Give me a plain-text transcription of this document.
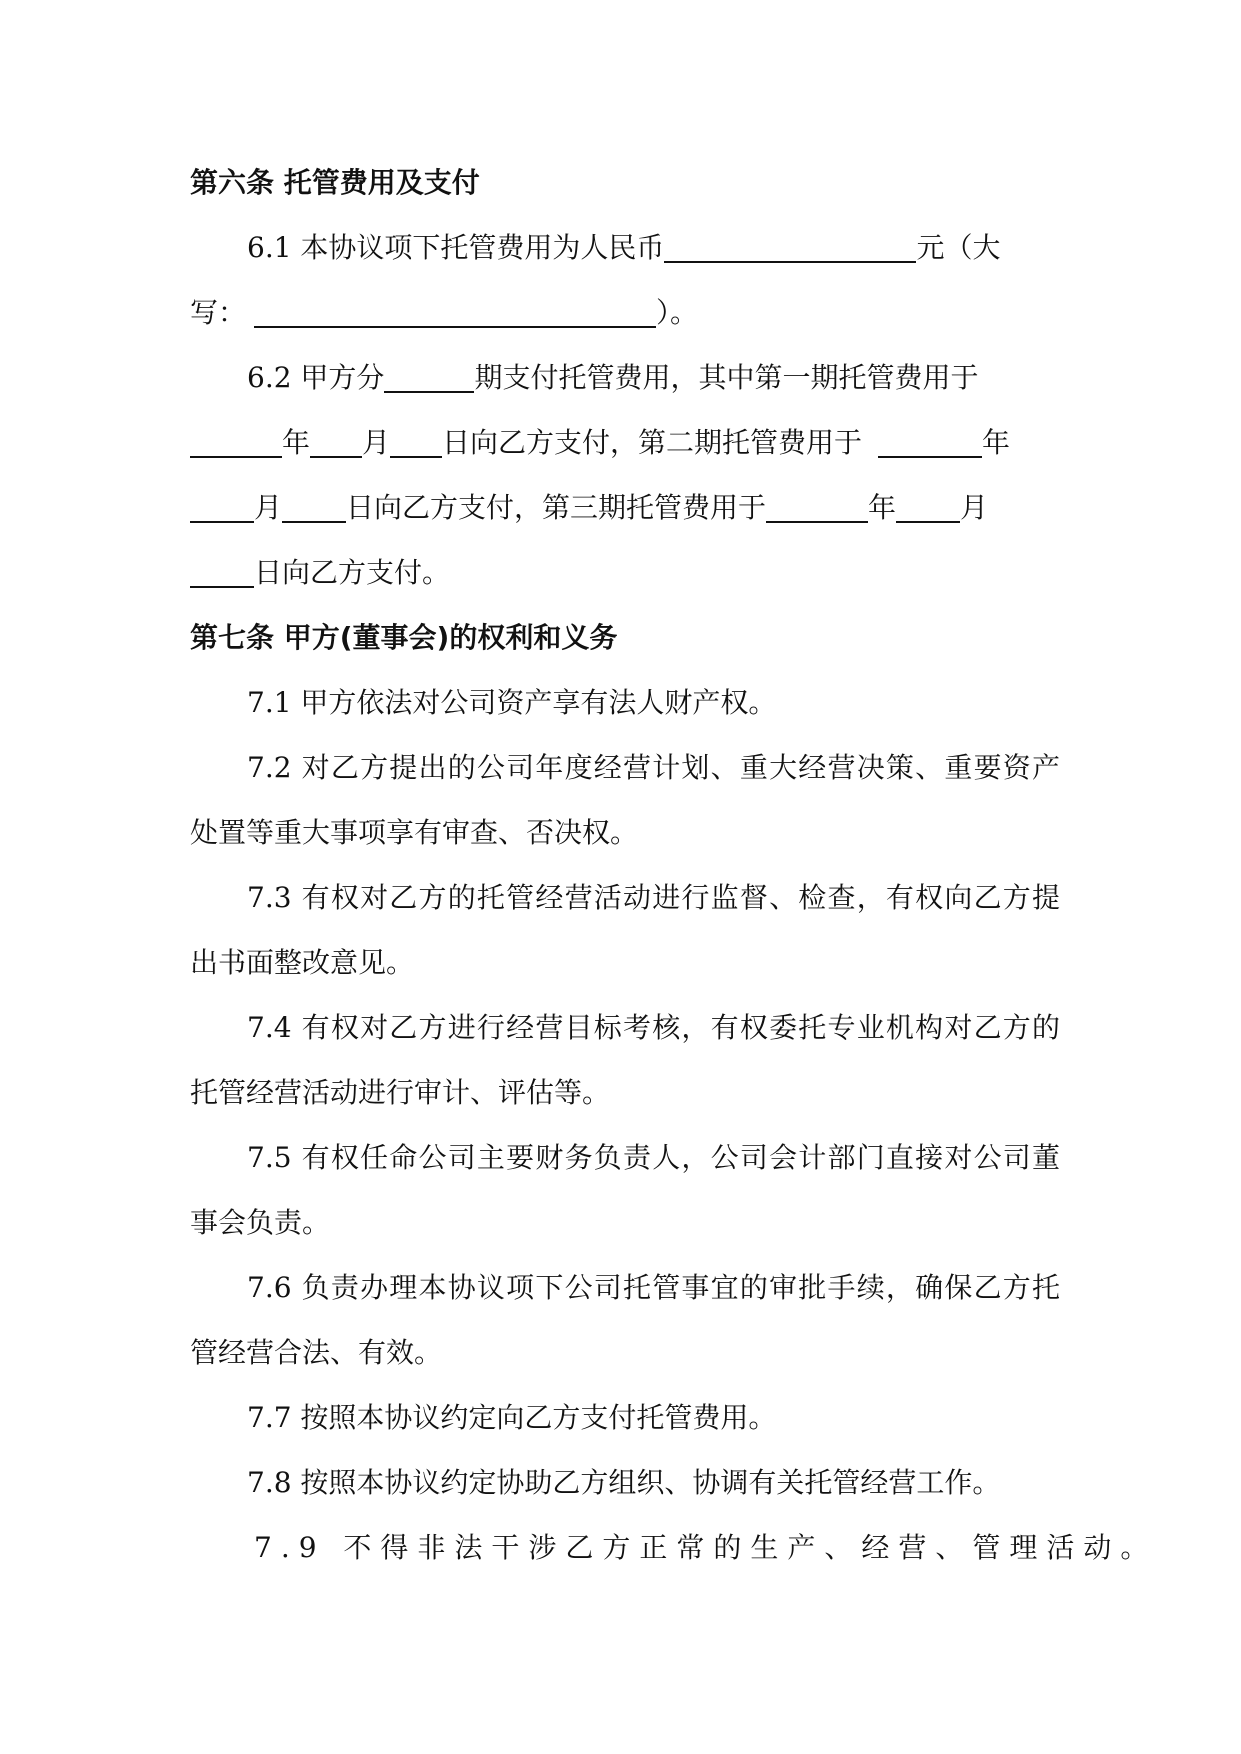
第六条 托管费用及支付
6.1 本协议项下托管费用为人民币	元（大
写：	）。
6.2 甲方分	期支付托管费用，其中第一期托管费用于
年 月 日向乙方支付，第二期托管费用于	年
月 日向乙方支付，第三期托管费用于	年 月
日向乙方支付。
第七条 甲方(董事会)的权利和义务
7.1 甲方依法对公司资产享有法人财产权。
7.2 对乙方提出的公司年度经营计划、重大经营决策、重要资产
处置等重大事项享有审查、否决权。
7.3 有权对乙方的托管经营活动进行监督、检查，有权向乙方提
出书面整改意见。
7.4 有权对乙方进行经营目标考核，有权委托专业机构对乙方的
托管经营活动进行审计、评估等。
7.5 有权任命公司主要财务负责人，公司会计部门直接对公司董
事会负责。
7.6 负责办理本协议项下公司托管事宜的审批手续，确保乙方托
管经营合法、有效。
7.7 按照本协议约定向乙方支付托管费用。
7.8 按照本协议约定协助乙方组织、协调有关托管经营工作。
7.9 不得非法干涉乙方正常的生产、经营、管理活动。
